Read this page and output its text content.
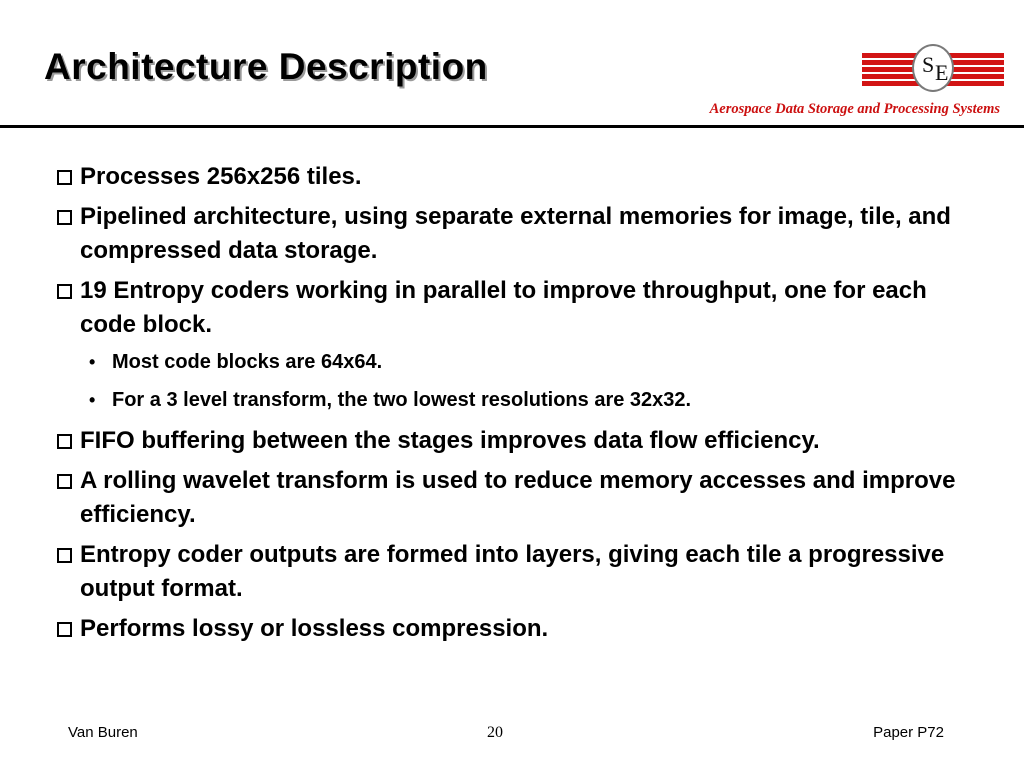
Architecture Description	S E
Aerospace Data Storage and Processing Systems
Processes 256x256 tiles.
Pipelined architecture, using separate external memories for image, tile, and compressed data storage.
19 Entropy coders working in parallel to improve throughput, one for each code block.
• Most code blocks are 64x64.
• For a 3 level transform, the two lowest resolutions are 32x32.
FIFO buffering between the stages improves data flow efficiency.
A rolling wavelet transform is used to reduce memory accesses and improve efficiency.
Entropy coder outputs are formed into layers, giving each tile a progressive output format.
Performs lossy or lossless compression.
Van Buren	20	Paper P72
